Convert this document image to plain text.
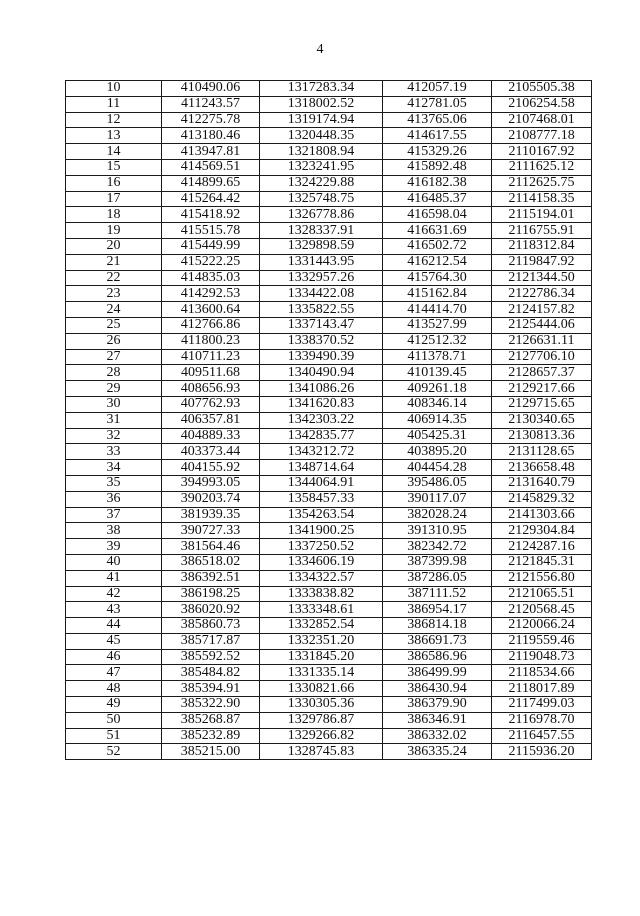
4
10	410490.06	1317283.34	412057.19	2105505.38
11	411243.57	1318002.52	412781.05	2106254.58
12	412275.78	1319174.94	413765.06	2107468.01
13	413180.46	1320448.35	414617.55	2108777.18
14	413947.81	1321808.94	415329.26	2110167.92
15	414569.51	1323241.95	415892.48	2111625.12
16	414899.65	1324229.88	416182.38	2112625.75
17	415264.42	1325748.75	416485.37	2114158.35
18	415418.92	1326778.86	416598.04	2115194.01
19	415515.78	1328337.91	416631.69	2116755.91
20	415449.99	1329898.59	416502.72	2118312.84
21	415222.25	1331443.95	416212.54	2119847.92
22	414835.03	1332957.26	415764.30	2121344.50
23	414292.53	1334422.08	415162.84	2122786.34
24	413600.64	1335822.55	414414.70	2124157.82
25	412766.86	1337143.47	413527.99	2125444.06
26	411800.23	1338370.52	412512.32	2126631.11
27	410711.23	1339490.39	411378.71	2127706.10
28	409511.68	1340490.94	410139.45	2128657.37
29	408656.93	1341086.26	409261.18	2129217.66
30	407762.93	1341620.83	408346.14	2129715.65
31	406357.81	1342303.22	406914.35	2130340.65
32	404889.33	1342835.77	405425.31	2130813.36
33	403373.44	1343212.72	403895.20	2131128.65
34	404155.92	1348714.64	404454.28	2136658.48
35	394993.05	1344064.91	395486.05	2131640.79
36	390203.74	1358457.33	390117.07	2145829.32
37	381939.35	1354263.54	382028.24	2141303.66
38	390727.33	1341900.25	391310.95	2129304.84
39	381564.46	1337250.52	382342.72	2124287.16
40	386518.02	1334606.19	387399.98	2121845.31
41	386392.51	1334322.57	387286.05	2121556.80
42	386198.25	1333838.82	387111.52	2121065.51
43	386020.92	1333348.61	386954.17	2120568.45
44	385860.73	1332852.54	386814.18	2120066.24
45	385717.87	1332351.20	386691.73	2119559.46
46	385592.52	1331845.20	386586.96	2119048.73
47	385484.82	1331335.14	386499.99	2118534.66
48	385394.91	1330821.66	386430.94	2118017.89
49	385322.90	1330305.36	386379.90	2117499.03
50	385268.87	1329786.87	386346.91	2116978.70
51	385232.89	1329266.82	386332.02	2116457.55
52	385215.00	1328745.83	386335.24	2115936.20
